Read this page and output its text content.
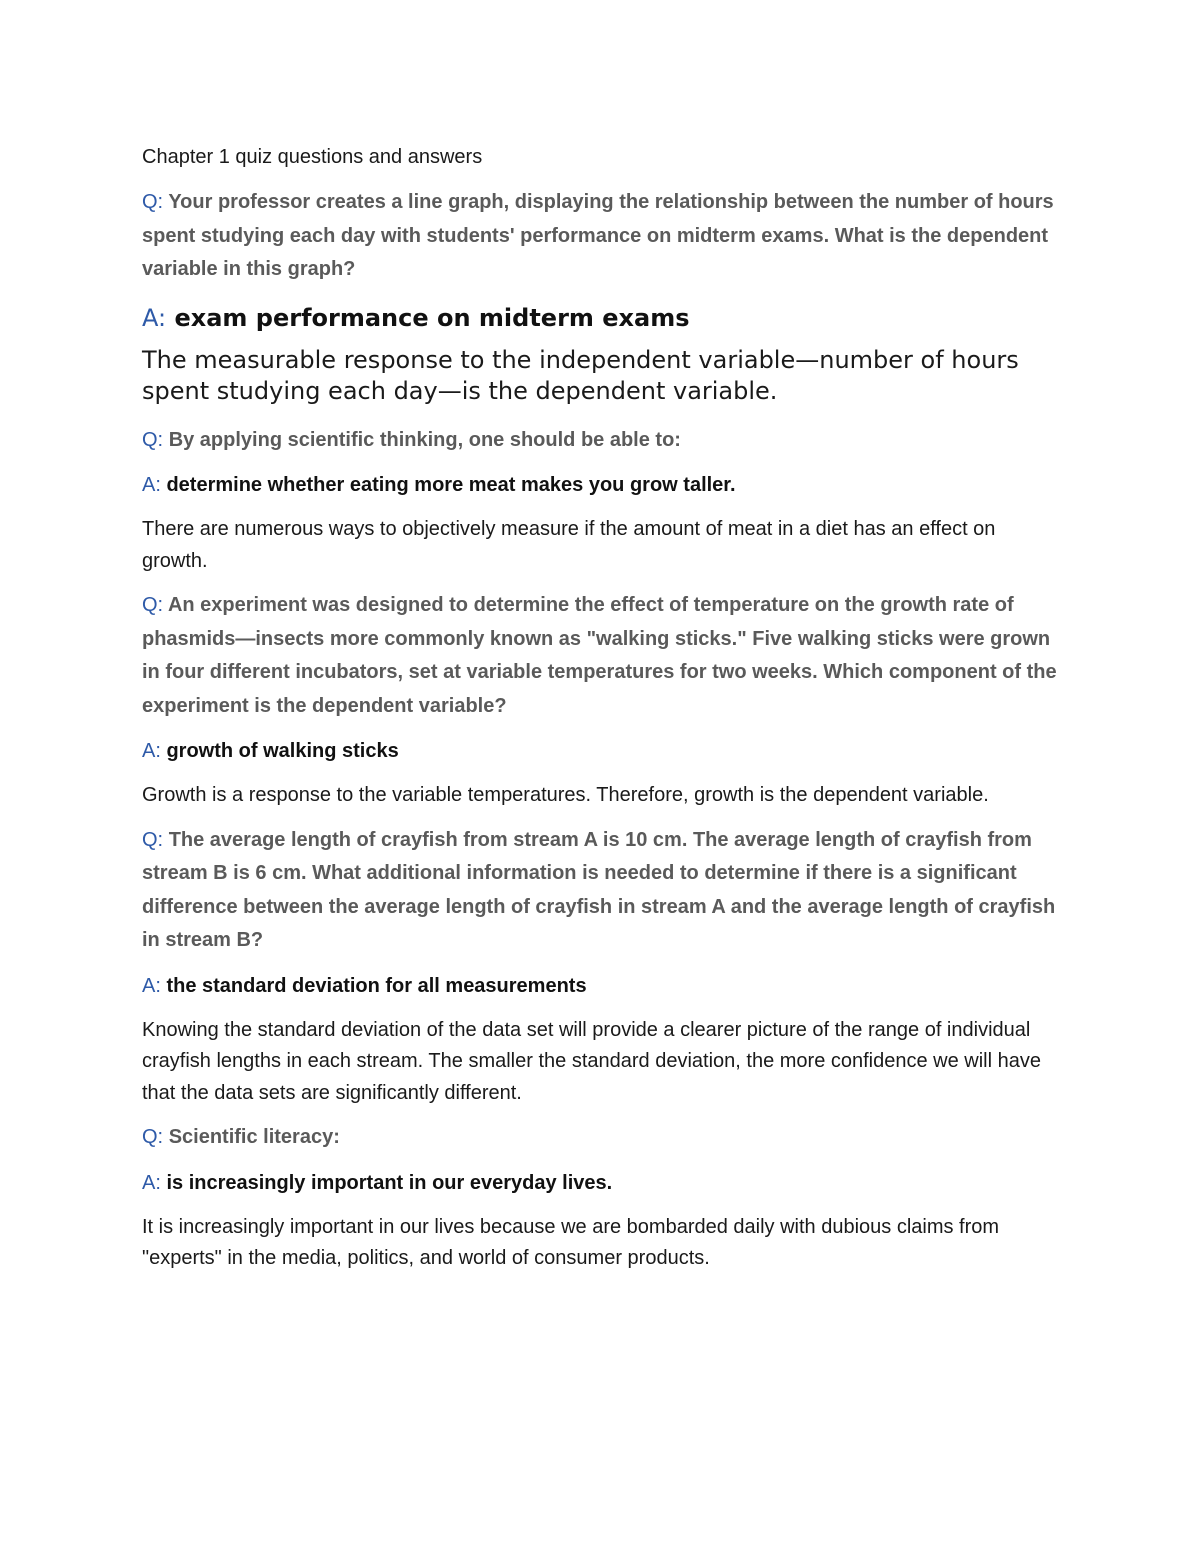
Chapter 1 quiz questions and answers
Q: Your professor creates a line graph, displaying the relationship between the number of hours spent studying each day with students' performance on midterm exams. What is the dependent variable in this graph?
A: exam performance on midterm exams
The measurable response to the independent variable—number of hours spent studying each day—is the dependent variable.
Q: By applying scientific thinking, one should be able to:
A: determine whether eating more meat makes you grow taller.
There are numerous ways to objectively measure if the amount of meat in a diet has an effect on growth.
Q: An experiment was designed to determine the effect of temperature on the growth rate of phasmids—insects more commonly known as "walking sticks." Five walking sticks were grown in four different incubators, set at variable temperatures for two weeks. Which component of the experiment is the dependent variable?
A: growth of walking sticks
Growth is a response to the variable temperatures. Therefore, growth is the dependent variable.
Q: The average length of crayfish from stream A is 10 cm. The average length of crayfish from stream B is 6 cm. What additional information is needed to determine if there is a significant difference between the average length of crayfish in stream A and the average length of crayfish in stream B?
A: the standard deviation for all measurements
Knowing the standard deviation of the data set will provide a clearer picture of the range of individual crayfish lengths in each stream. The smaller the standard deviation, the more confidence we will have that the data sets are significantly different.
Q: Scientific literacy:
A: is increasingly important in our everyday lives.
It is increasingly important in our lives because we are bombarded daily with dubious claims from "experts" in the media, politics, and world of consumer products.
